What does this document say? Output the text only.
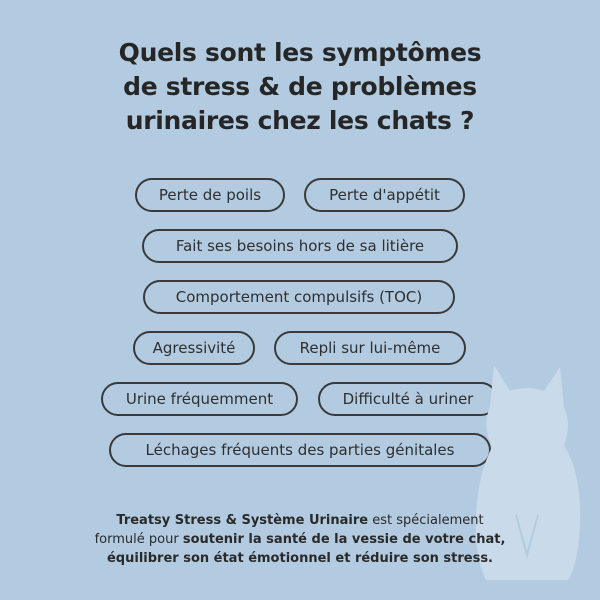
Quels sont les symptômes
de stress & de problèmes
urinaires chez les chats ?
Perte de poils	Perte d'appétit
Fait ses besoins hors de sa litière
Comportement compulsifs (TOC)
Agressivité	Repli sur lui-même
Urine fréquemment	Difficulté à uriner
Léchages fréquents des parties génitales
Treatsy Stress & Système Urinaire est spécialement
formulé pour soutenir la santé de la vessie de votre chat,
équilibrer son état émotionnel et réduire son stress.
